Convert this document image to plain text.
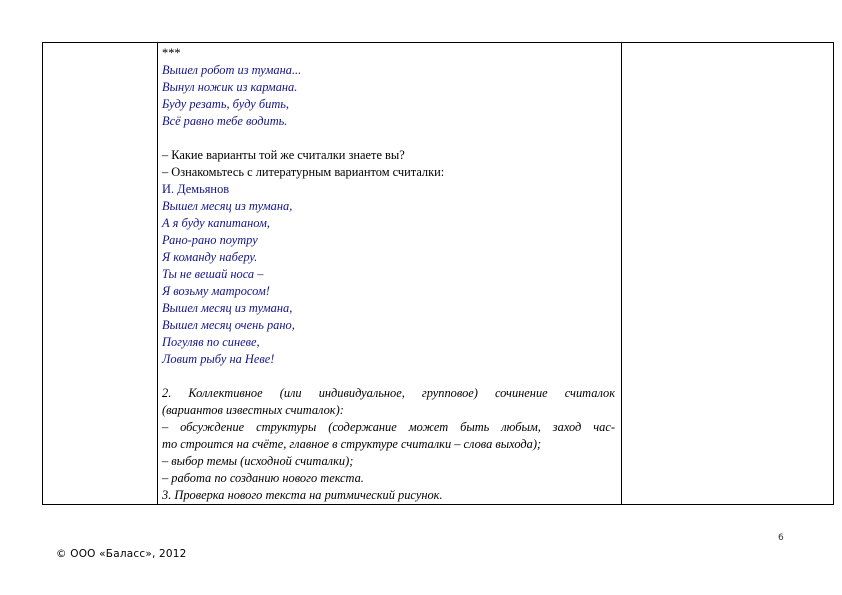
***
Вышел робот из тумана...
Вынул ножик из кармана.
Буду резать, буду бить,
Всё равно тебе водить.
– Какие варианты той же считалки знаете вы?
– Ознакомьтесь с литературным вариантом считалки:
И. Демьянов
Вышел месяц из тумана,
А я буду капитаном,
Рано-рано поутру
Я команду наберу.
Ты не вешай носа –
Я возьму матросом!
Вышел месяц из тумана,
Вышел месяц очень рано,
Погуляв по синеве,
Ловит рыбу на Неве!
2. Коллективное (или индивидуальное, групповое) сочинение считалок
(вариантов известных считалок):
– обсуждение структуры (содержание может быть любым, заход час-
то строится на счёте, главное в структуре считалки – слова выхода);
– выбор темы (исходной считалки);
– работа по созданию нового текста.
3. Проверка нового текста на ритмический рисунок.

6
© ООО «Баласс», 2012
